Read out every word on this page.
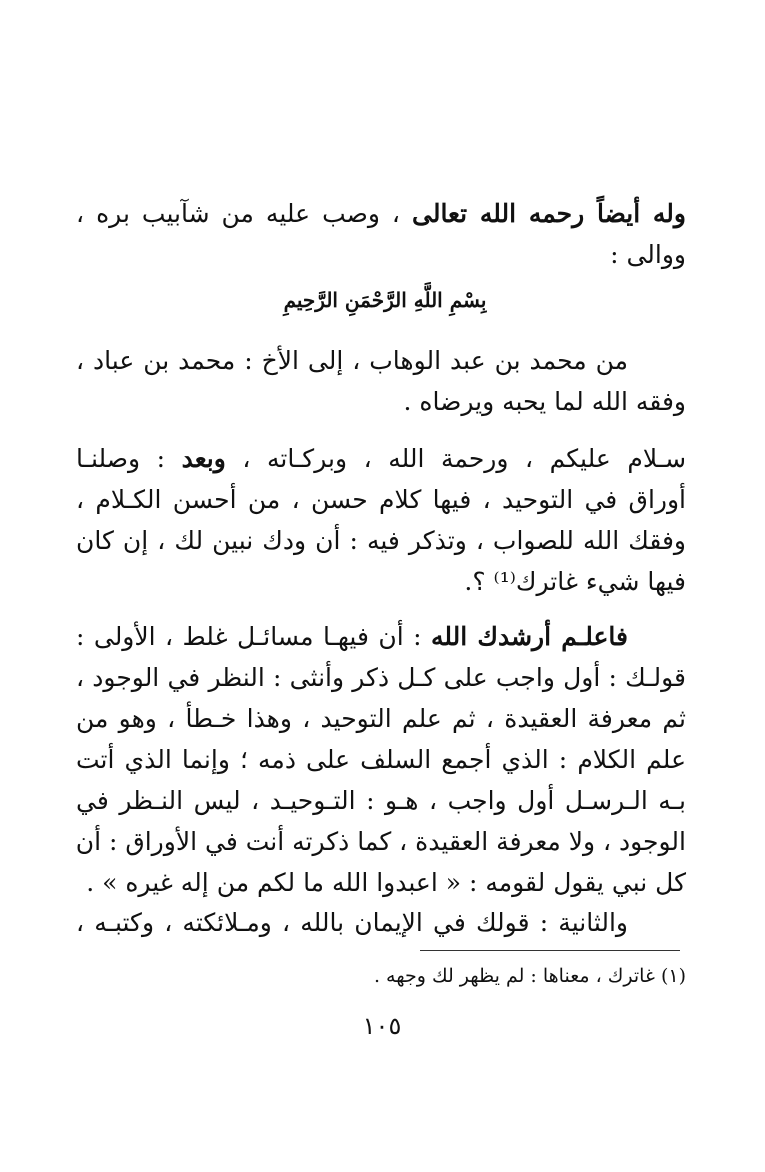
وله أيضاً رحمه الله تعالى ، وصب عليه من شآبيب بره ،
ووالى :
بِسْمِ اللَّهِ الرَّحْمَنِ الرَّحِيمِ
من محمد بن عبد الوهاب ، إلى الأخ : محمد بن عباد ،
وفقه الله لما يحبه ويرضاه .
سـلام عليكم ، ورحمة الله ، وبركـاته ، وبعد : وصلنـا
أوراق في التوحيد ، فيها كلام حسن ، من أحسن الكـلام ،
وفقك الله للصواب ، وتذكر فيه : أن ودك نبين لك ، إن كان
فيها شيء غاترك⁽¹⁾ ؟.
فاعلـم أرشدك الله : أن فيهـا مسائـل غلط ، الأولى :
قولـك : أول واجب على كـل ذكر وأنثى : النظر في الوجود ،
ثم معرفة العقيدة ، ثم علم التوحيد ، وهذا خـطأ ، وهو من
علم الكلام : الذي أجمع السلف على ذمه ؛ وإنما الذي أتت
بـه الـرسـل أول واجب ، هـو : التـوحيـد ، ليس النـظر في
الوجود ، ولا معرفة العقيدة ، كما ذكرته أنت في الأوراق : أن
كل نبي يقول لقومه : « اعبدوا الله ما لكم من إله غيره » .
والثانية : قولك في الإيمان بالله ، ومـلائكته ، وكتبـه ،
(١) غاترك ، معناها : لم يظهر لك وجهه .
١٠٥
